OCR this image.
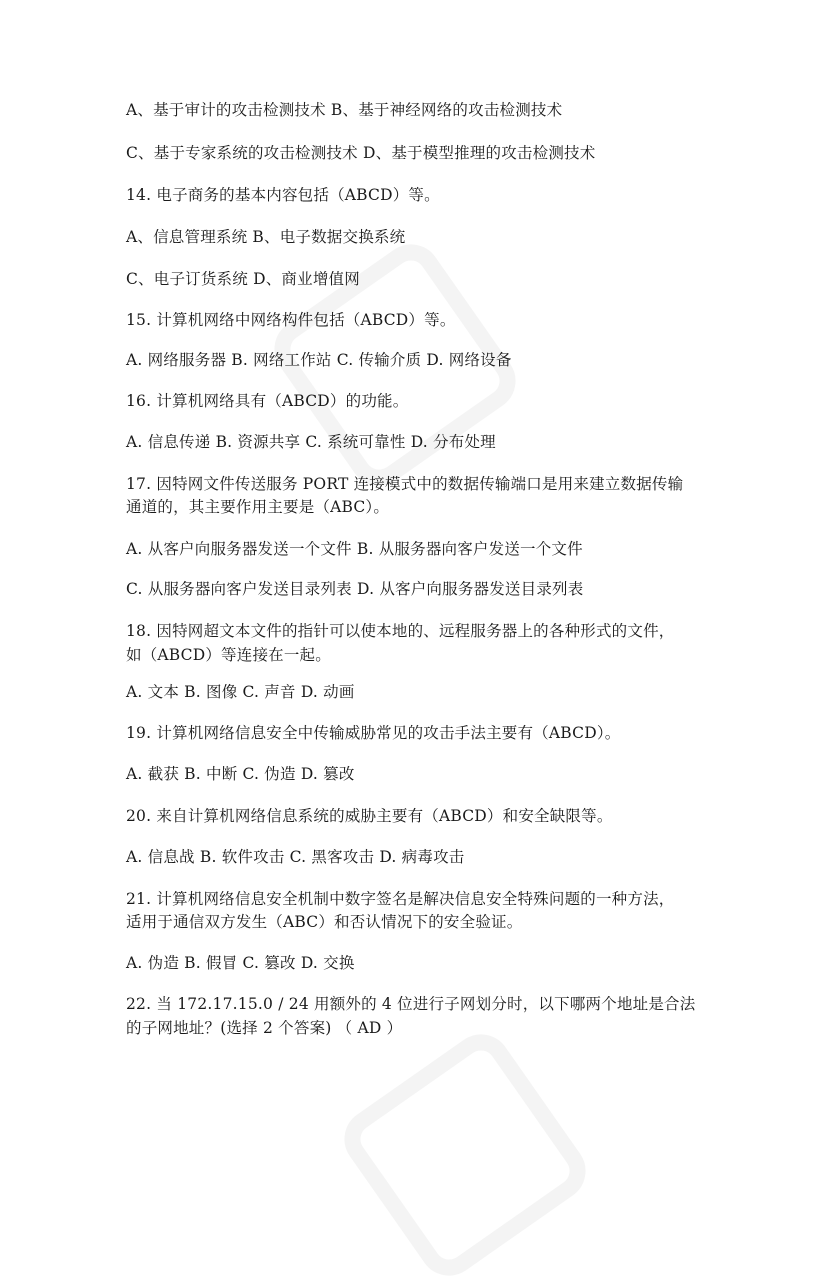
A、基于审计的攻击检测技术 B、基于神经网络的攻击检测技术
C、基于专家系统的攻击检测技术 D、基于模型推理的攻击检测技术
14. 电子商务的基本内容包括（ABCD）等。
A、信息管理系统 B、电子数据交换系统
C、电子订货系统 D、商业增值网
15. 计算机网络中网络构件包括（ABCD）等。
A. 网络服务器 B. 网络工作站 C. 传输介质 D. 网络设备
16. 计算机网络具有（ABCD）的功能。
A. 信息传递 B. 资源共享 C. 系统可靠性 D. 分布处理
17. 因特网文件传送服务 PORT 连接模式中的数据传输端口是用来建立数据传输
通道的，其主要作用主要是（ABC）。
A. 从客户向服务器发送一个文件 B. 从服务器向客户发送一个文件
C. 从服务器向客户发送目录列表 D. 从客户向服务器发送目录列表
18. 因特网超文本文件的指针可以使本地的、远程服务器上的各种形式的文件，
如（ABCD）等连接在一起。
A. 文本 B. 图像 C. 声音 D. 动画
19. 计算机网络信息安全中传输威胁常见的攻击手法主要有（ABCD）。
A. 截获 B. 中断 C. 伪造 D. 篡改
20. 来自计算机网络信息系统的威胁主要有（ABCD）和安全缺限等。
A. 信息战 B. 软件攻击 C. 黑客攻击 D. 病毒攻击
21. 计算机网络信息安全机制中数字签名是解决信息安全特殊问题的一种方法，
适用于通信双方发生（ABC）和否认情况下的安全验证。
A. 伪造 B. 假冒 C. 篡改 D. 交换
22. 当 172.17.15.0 / 24 用额外的 4 位进行子网划分时，以下哪两个地址是合法
的子网地址？(选择 2 个答案) （ AD ）
